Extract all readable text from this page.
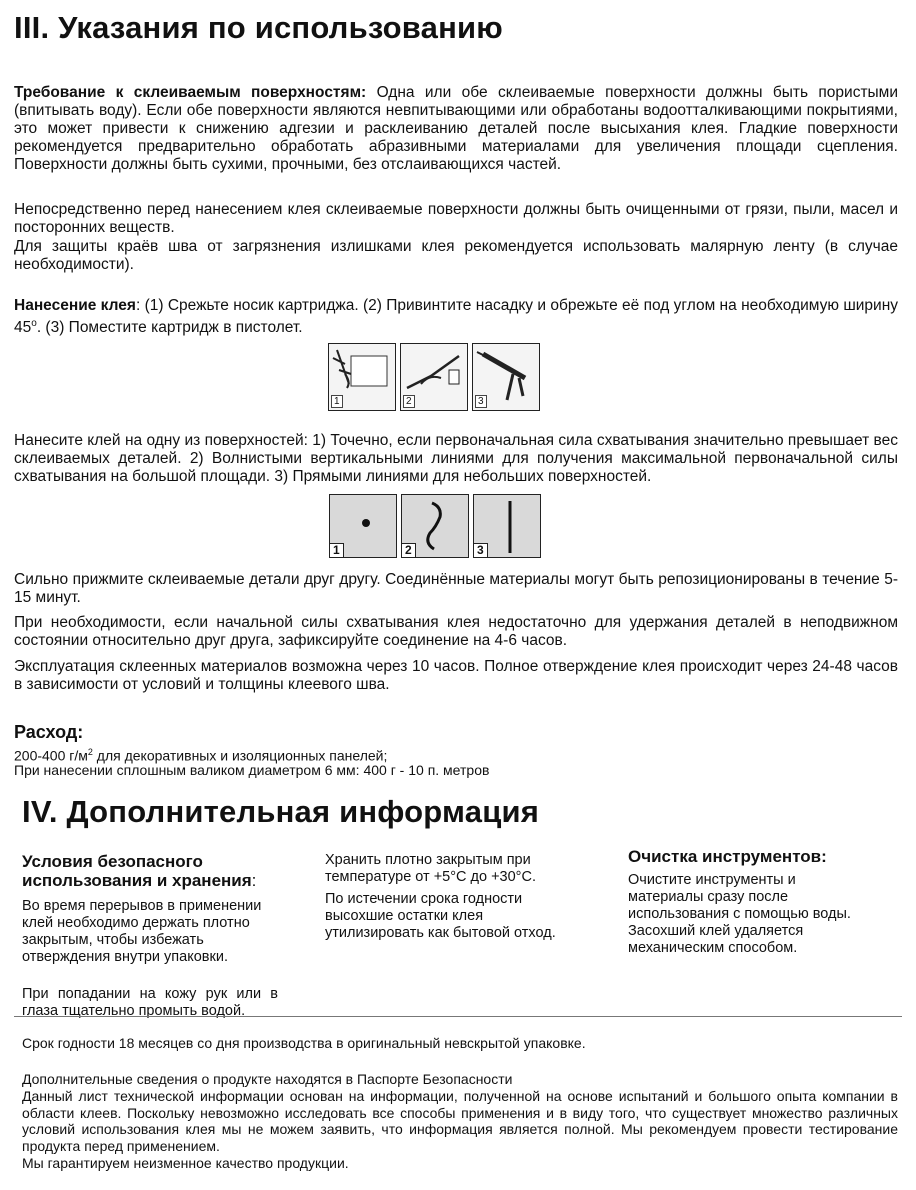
III. Указания по использованию
Требование к склеиваемым поверхностям: Одна или обе склеиваемые поверхности должны быть пористыми (впитывать воду). Если обе поверхности являются невпитывающими или обработаны водоотталкивающими покрытиями, это может привести к снижению адгезии и расклеиванию деталей после высыхания клея. Гладкие поверхности рекомендуется предварительно обработать абразивными материалами для увеличения площади сцепления. Поверхности должны быть сухими, прочными, без отслаивающихся частей.
Непосредственно перед нанесением клея склеиваемые поверхности должны быть очищенными от грязи, пыли, масел и посторонних веществ.
Для защиты краёв шва от загрязнения излишками клея рекомендуется использовать малярную ленту (в случае необходимости).
Нанесение клея: (1) Срежьте носик картриджа. (2) Привинтите насадку и обрежьте её под углом на необходимую ширину $45^о$. (3) Поместите картридж в пистолет.
1	2	3
Нанесите клей на одну из поверхностей: 1) Точечно, если первоначальная сила схватывания значительно превышает вес склеиваемых деталей. 2) Волнистыми вертикальными линиями для получения максимальной первоначальной силы схватывания на большой площади. 3) Прямыми линиями для небольших поверхностей.
1	2	3
Сильно прижмите склеиваемые детали друг другу. Соединённые материалы могут быть репозиционированы в течение 5-15 минут.
При необходимости, если начальной силы схватывания клея недостаточно для удержания деталей в неподвижном состоянии относительно друг друга, зафиксируйте соединение на 4-6 часов.
Эксплуатация склеенных материалов возможна через 10 часов. Полное отверждение клея происходит через 24-48 часов в зависимости от условий и толщины клеевого шва.
Расход:
200-400 $г/м^2$ для декоративных и изоляционных панелей;
При нанесении сплошным валиком диаметром 6 мм: 400 г - 10 п. метров
IV. Дополнительная информация
Условия безопасного использования и хранения:
Во время перерывов в применении клей необходимо держать плотно закрытым, чтобы избежать отверждения внутри упаковки.
При попадании на кожу рук или в глаза тщательно промыть водой.
Хранить плотно закрытым при температуре от +5°C до +30°C.
По истечении срока годности высохшие остатки клея утилизировать как бытовой отход.
Очистка инструментов:
Очистите инструменты и материалы сразу после использования с помощью воды. Засохший клей удаляется механическим способом.
Срок годности 18 месяцев со дня производства в оригинальный невскрытой упаковке.
Дополнительные сведения о продукте находятся в Паспорте Безопасности
Данный лист технической информации основан на информации, полученной на основе испытаний и большого опыта компании в области клеев. Поскольку невозможно исследовать все способы применения и в виду того, что существует множество различных условий использования клея мы не можем заявить, что информация является полной. Мы рекомендуем провести тестирование продукта перед применением.
Мы гарантируем неизменное качество продукции.
